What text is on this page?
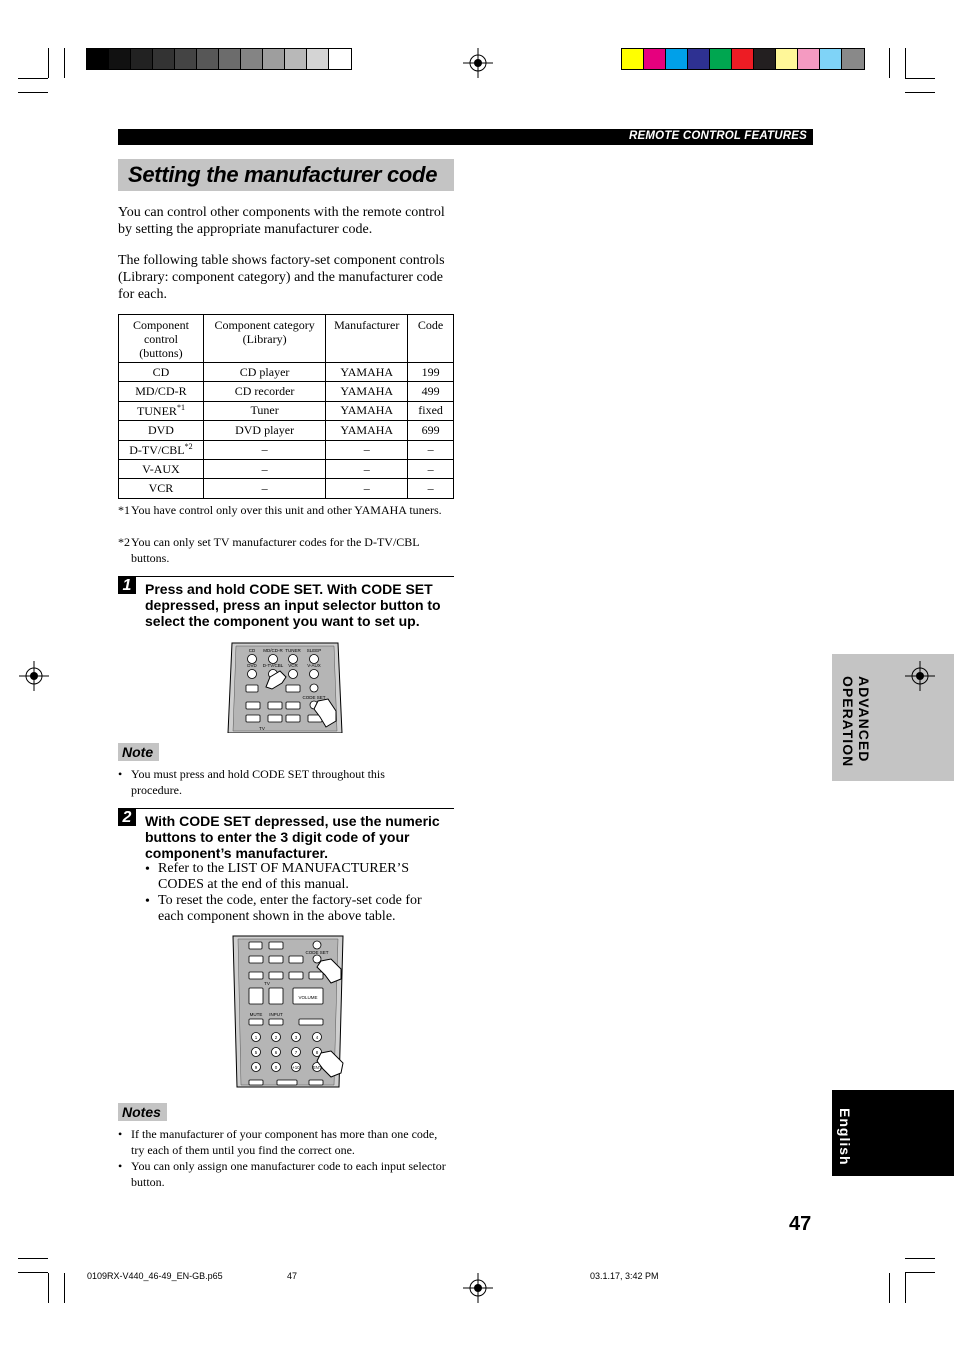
REMOTE CONTROL FEATURES
Setting the manufacturer code
You can control other components with the remote control by setting the appropriate manufacturer code.
The following table shows factory-set component controls (Library: component category) and the manufacturer code for each.
Component control (buttons)	Component category (Library)	Manufacturer	Code
CD	CD player	YAMAHA	199
MD/CD-R	CD recorder	YAMAHA	499
TUNER$^{*1}$	Tuner	YAMAHA	fixed
DVD	DVD player	YAMAHA	699
D-TV/CBL$^{*2}$	–	–	–
V-AUX	–	–	–
VCR	–	–	–
*1 You have control only over this unit and other YAMAHA tuners.
*2 You can only set TV manufacturer codes for the D-TV/CBL buttons.
1 Press and hold CODE SET. With CODE SET depressed, press an input selector button to select the component you want to set up.
CD MD/CD-R TUNER SLEEP
DVD D-TV/CBL VCR V-AUX
CODE SET
TV
Note
• You must press and hold CODE SET throughout this procedure.
2 With CODE SET depressed, use the numeric buttons to enter the 3 digit code of your component’s manufacturer.
• Refer to the LIST OF MANUFACTURER’S CODES at the end of this manual.
• To reset the code, enter the factory-set code for each component shown in the above table.
CODE SET
TV
VOLUME
MUTE INPUT
1	2	3	4
5	6	7	8
9	0	+10	ENT
Notes
• If the manufacturer of your component has more than one code, try each of them until you find the correct one.
• You can only assign one manufacturer code to each input selector button.
ADVANCED OPERATION
English
47
0109RX-V440_46-49_EN-GB.p65	47	03.1.17, 3:42 PM
